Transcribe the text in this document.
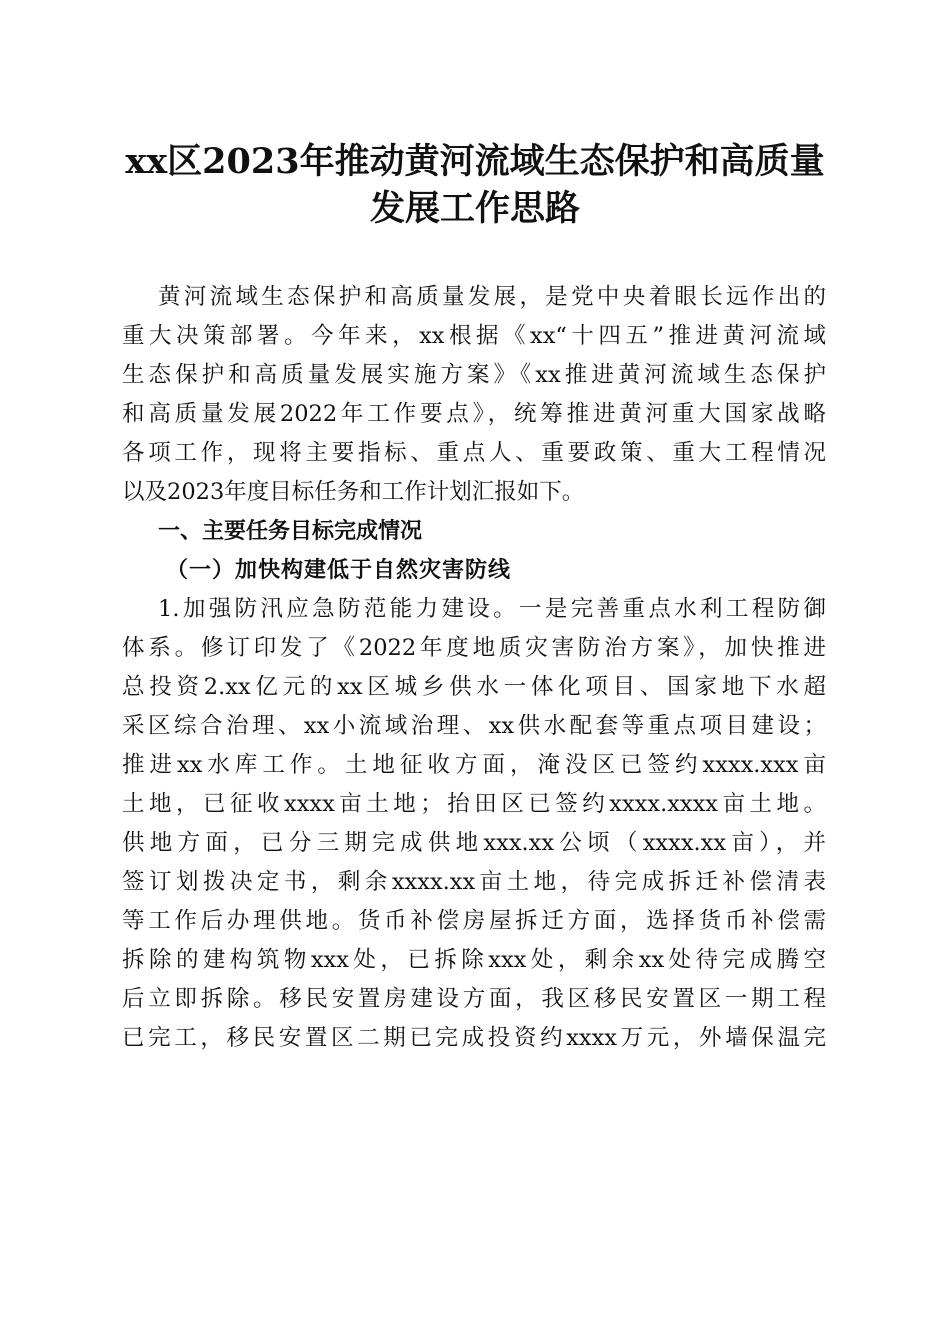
xx区2023年推动黄河流域生态保护和高质量
发展工作思路
黄河流域生态保护和高质量发展，是党中央着眼长远作出的
重大决策部署。今年来，xx根据《xx“十四五”推进黄河流域
生态保护和高质量发展实施方案》《xx推进黄河流域生态保护
和高质量发展2022年工作要点》，统筹推进黄河重大国家战略
各项工作，现将主要指标、重点人、重要政策、重大工程情况
以及2023年度目标任务和工作计划汇报如下。
一、主要任务目标完成情况
（一）加快构建低于自然灾害防线
1.加强防汛应急防范能力建设。一是完善重点水利工程防御
体系。修订印发了《2022年度地质灾害防治方案》，加快推进
总投资2.xx亿元的xx区城乡供水一体化项目、国家地下水超
采区综合治理、xx小流域治理、xx供水配套等重点项目建设；
推进xx水库工作。土地征收方面，淹没区已签约xxxx.xxx亩
土地，已征收xxxx亩土地；抬田区已签约xxxx.xxxx亩土地。
供地方面，已分三期完成供地xxx.xx公顷（xxxx.xx亩），并
签订划拨决定书，剩余xxxx.xx亩土地，待完成拆迁补偿清表
等工作后办理供地。货币补偿房屋拆迁方面，选择货币补偿需
拆除的建构筑物xxx处，已拆除xxx处，剩余xx处待完成腾空
后立即拆除。移民安置房建设方面，我区移民安置区一期工程
已完工，移民安置区二期已完成投资约xxxx万元，外墙保温完
